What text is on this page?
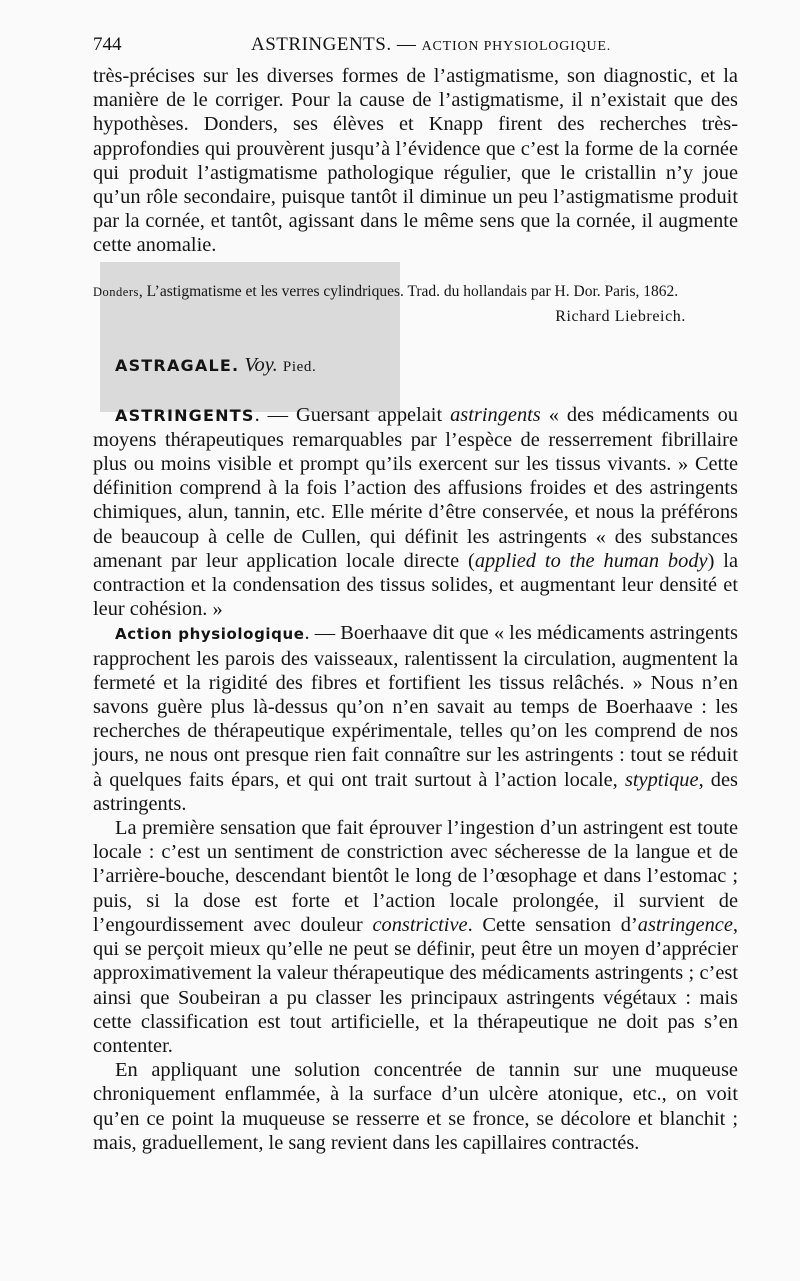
744	ASTRINGENTS. — ACTION PHYSIOLOGIQUE.

très-précises sur les diverses formes de l’astigmatisme, son diagnostic, et la manière de le corriger. Pour la cause de l’astigmatisme, il n’existait que des hypothèses. Donders, ses élèves et Knapp firent des recherches très-approfondies qui prouvèrent jusqu’à l’évidence que c’est la forme de la cornée qui produit l’astigmatisme pathologique régulier, que le cristallin n’y joue qu’un rôle secondaire, puisque tantôt il diminue un peu l’astigmatisme produit par la cornée, et tantôt, agissant dans le même sens que la cornée, il augmente cette anomalie.

Donders, L’astigmatisme et les verres cylindriques. Trad. du hollandais par H. Dor. Paris, 1862.
Richard Liebreich.
ASTRAGALE. Voy. Pied.

ASTRINGENTS. — Guersant appelait astringents « des médicaments ou moyens thérapeutiques remarquables par l’espèce de resserrement fibrillaire plus ou moins visible et prompt qu’ils exercent sur les tissus vivants. » Cette définition comprend à la fois l’action des affusions froides et des astringents chimiques, alun, tannin, etc. Elle mérite d’être conservée, et nous la préférons de beaucoup à celle de Cullen, qui définit les astringents « des substances amenant par leur application locale directe (applied to the human body) la contraction et la condensation des tissus solides, et augmentant leur densité et leur cohésion. »

Action physiologique. — Boerhaave dit que « les médicaments astringents rapprochent les parois des vaisseaux, ralentissent la circulation, augmentent la fermeté et la rigidité des fibres et fortifient les tissus relâchés. » Nous n’en savons guère plus là-dessus qu’on n’en savait au temps de Boerhaave : les recherches de thérapeutique expérimentale, telles qu’on les comprend de nos jours, ne nous ont presque rien fait connaître sur les astringents : tout se réduit à quelques faits épars, et qui ont trait surtout à l’action locale, styptique, des astringents.

La première sensation que fait éprouver l’ingestion d’un astringent est toute locale : c’est un sentiment de constriction avec sécheresse de la langue et de l’arrière-bouche, descendant bientôt le long de l’œsophage et dans l’estomac ; puis, si la dose est forte et l’action locale prolongée, il survient de l’engourdissement avec douleur constrictive. Cette sensation d’astringence, qui se perçoit mieux qu’elle ne peut se définir, peut être un moyen d’apprécier approximativement la valeur thérapeutique des médicaments astringents ; c’est ainsi que Soubeiran a pu classer les principaux astringents végétaux : mais cette classification est tout artificielle, et la thérapeutique ne doit pas s’en contenter.

En appliquant une solution concentrée de tannin sur une muqueuse chroniquement enflammée, à la surface d’un ulcère atonique, etc., on voit qu’en ce point la muqueuse se resserre et se fronce, se décolore et blanchit ; mais, graduellement, le sang revient dans les capillaires contractés.
